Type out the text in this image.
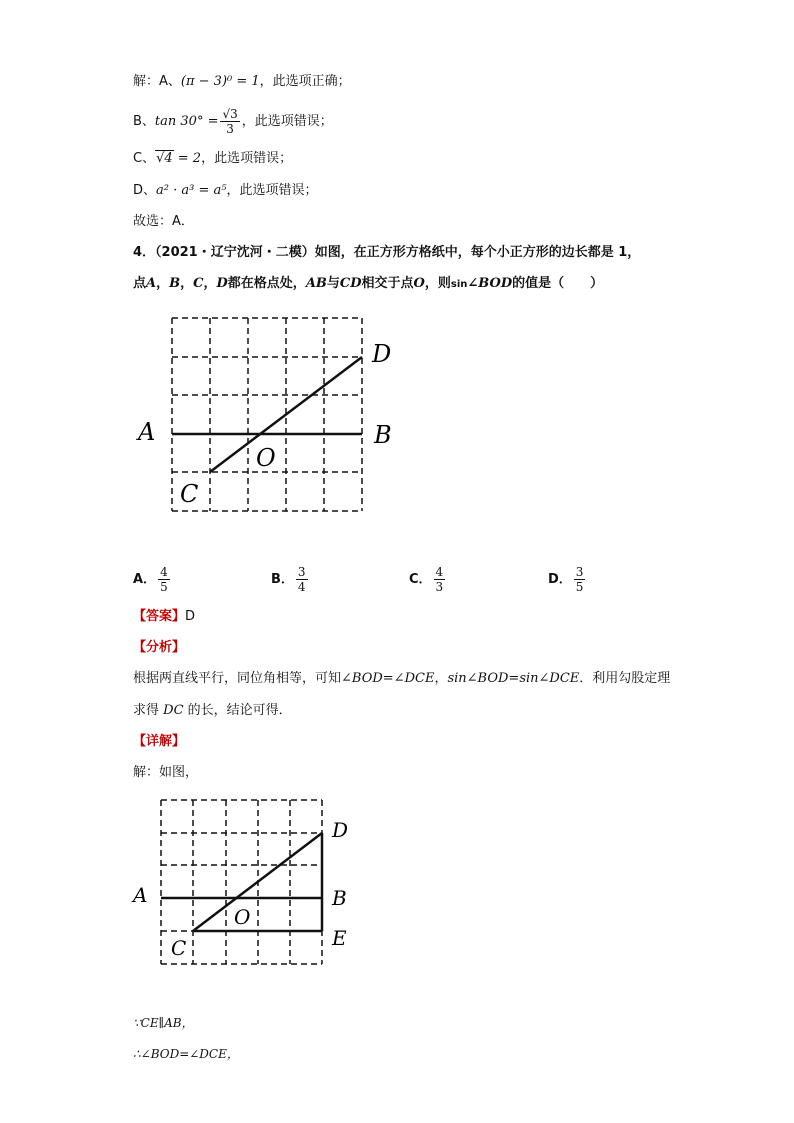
解：A、(π − 3)⁰ = 1，此选项正确；
B、$\tan 30^\circ = \frac{√3}{3}$ ，此选项错误；
C、√4 = 2，此选项错误；
D、a² · a³ = a⁵，此选项错误；
故选：A．
4．（2021・辽宁沈河・二模）如图，在正方形方格纸中，每个小正方形的边长都是 1，
点A，B，C，D都在格点处，AB与CD相交于点O，则sin∠BOD的值是（　　）
A	B
C
D
O
A． $\frac{4}{5}$	B． $\frac{3}{4}$	C． $\frac{4}{3}$	D． $\frac{3}{5}$
【答案】D
【分析】
根据两直线平行，同位角相等，可知∠BOD=∠DCE，sin∠BOD=sin∠DCE．利用勾股定理
求得 DC 的长，结论可得．
【详解】
解：如图，
A	B
C
D
E
O
∵CE∥AB，
∴∠BOD=∠DCE，
